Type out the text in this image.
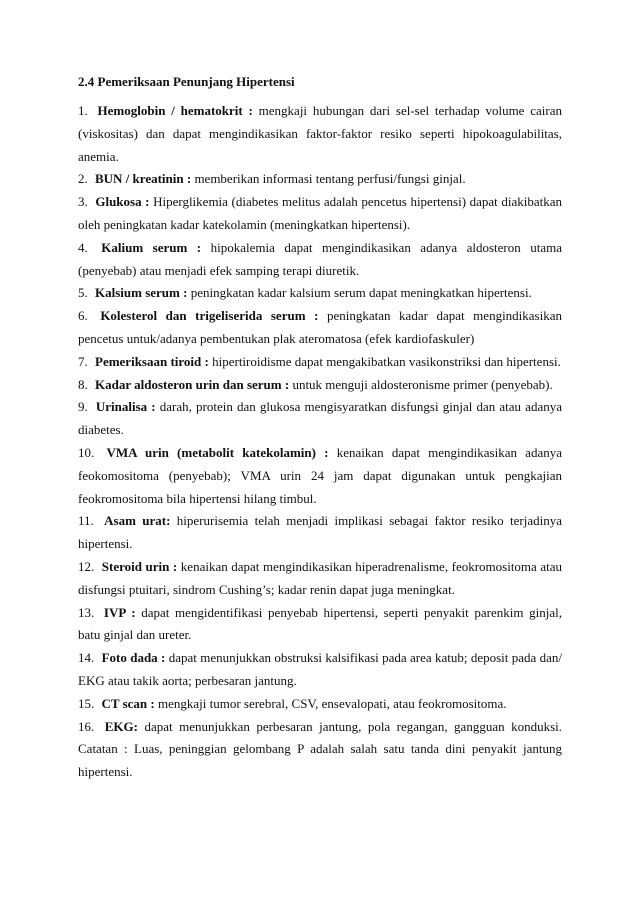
2.4 Pemeriksaan Penunjang Hipertensi

1. Hemoglobin / hematokrit : mengkaji hubungan dari sel-sel terhadap volume cairan (viskositas) dan dapat mengindikasikan faktor-faktor resiko seperti hipokoagulabilitas, anemia.

2. BUN / kreatinin : memberikan informasi tentang perfusi/fungsi ginjal.

3. Glukosa : Hiperglikemia (diabetes melitus adalah pencetus hipertensi) dapat diakibatkan oleh peningkatan kadar katekolamin (meningkatkan hipertensi).

4. Kalium serum : hipokalemia dapat mengindikasikan adanya aldosteron utama (penyebab) atau menjadi efek samping terapi diuretik.

5. Kalsium serum : peningkatan kadar kalsium serum dapat meningkatkan hipertensi.

6. Kolesterol dan trigeliserida serum : peningkatan kadar dapat mengindikasikan pencetus untuk/adanya pembentukan plak ateromatosa (efek kardiofaskuler)

7. Pemeriksaan tiroid : hipertiroidisme dapat mengakibatkan vasikonstriksi dan hipertensi.

8. Kadar aldosteron urin dan serum : untuk menguji aldosteronisme primer (penyebab).

9. Urinalisa : darah, protein dan glukosa mengisyaratkan disfungsi ginjal dan atau adanya diabetes.

10. VMA urin (metabolit katekolamin) : kenaikan dapat mengindikasikan adanya feokomositoma (penyebab); VMA urin 24 jam dapat digunakan untuk pengkajian feokromositoma bila hipertensi hilang timbul.

11. Asam urat: hiperurisemia telah menjadi implikasi sebagai faktor resiko terjadinya hipertensi.

12. Steroid urin : kenaikan dapat mengindikasikan hiperadrenalisme, feokromositoma atau disfungsi ptuitari, sindrom Cushing’s; kadar renin dapat juga meningkat.

13. IVP : dapat mengidentifikasi penyebab hipertensi, seperti penyakit parenkim ginjal, batu ginjal dan ureter.

14. Foto dada : dapat menunjukkan obstruksi kalsifikasi pada area katub; deposit pada dan/ EKG atau takik aorta; perbesaran jantung.

15. CT scan : mengkaji tumor serebral, CSV, ensevalopati, atau feokromositoma.

16. EKG: dapat menunjukkan perbesaran jantung, pola regangan, gangguan konduksi. Catatan : Luas, peninggian gelombang P adalah salah satu tanda dini penyakit jantung hipertensi.
